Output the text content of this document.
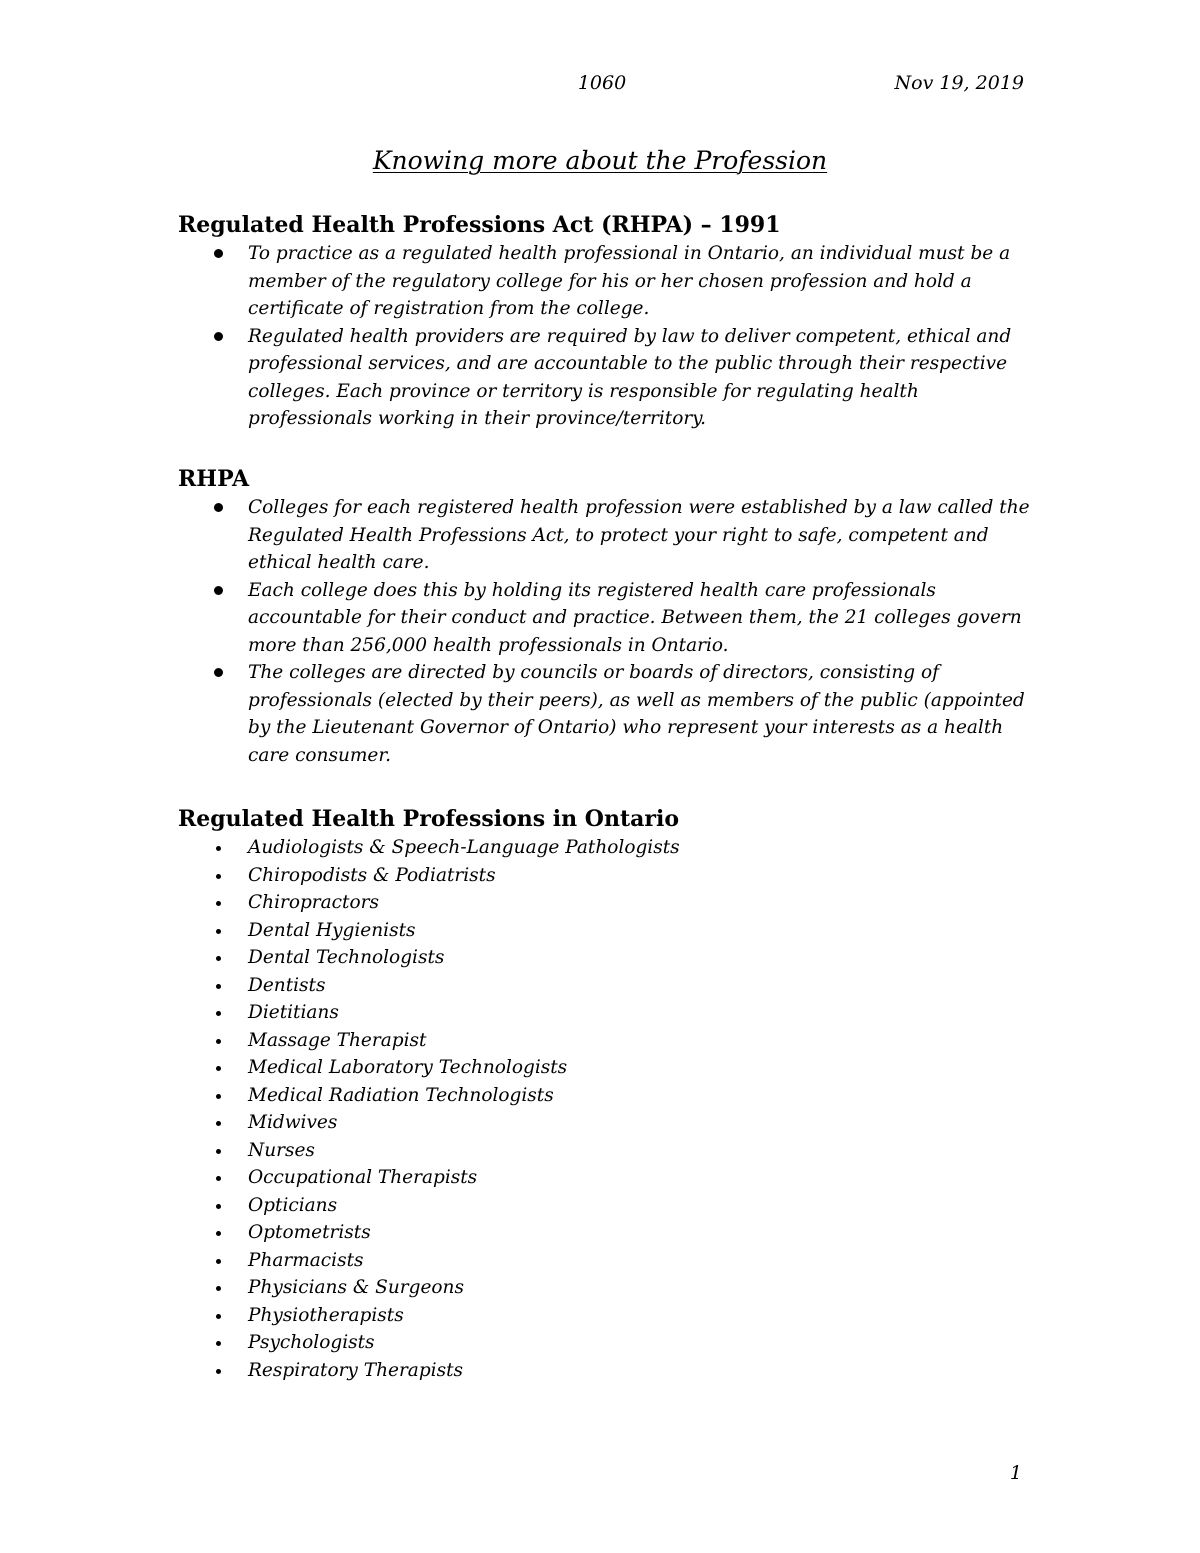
1060	Nov 19, 2019
Knowing more about the Profession
Regulated Health Professions Act (RHPA) – 1991
To practice as a regulated health professional in Ontario, an individual must be a member of the regulatory college for his or her chosen profession and hold a certificate of registration from the college.
Regulated health providers are required by law to deliver competent, ethical and professional services, and are accountable to the public through their respective colleges. Each province or territory is responsible for regulating health professionals working in their province/territory.
RHPA
Colleges for each registered health profession were established by a law called the Regulated Health Professions Act, to protect your right to safe, competent and ethical health care.
Each college does this by holding its registered health care professionals accountable for their conduct and practice. Between them, the 21 colleges govern more than 256,000 health professionals in Ontario.
The colleges are directed by councils or boards of directors, consisting of professionals (elected by their peers), as well as members of the public (appointed by the Lieutenant Governor of Ontario) who represent your interests as a health care consumer.
Regulated Health Professions in Ontario
Audiologists & Speech-Language Pathologists
Chiropodists & Podiatrists
Chiropractors
Dental Hygienists
Dental Technologists
Dentists
Dietitians
Massage Therapist
Medical Laboratory Technologists
Medical Radiation Technologists
Midwives
Nurses
Occupational Therapists
Opticians
Optometrists
Pharmacists
Physicians & Surgeons
Physiotherapists
Psychologists
Respiratory Therapists
1
